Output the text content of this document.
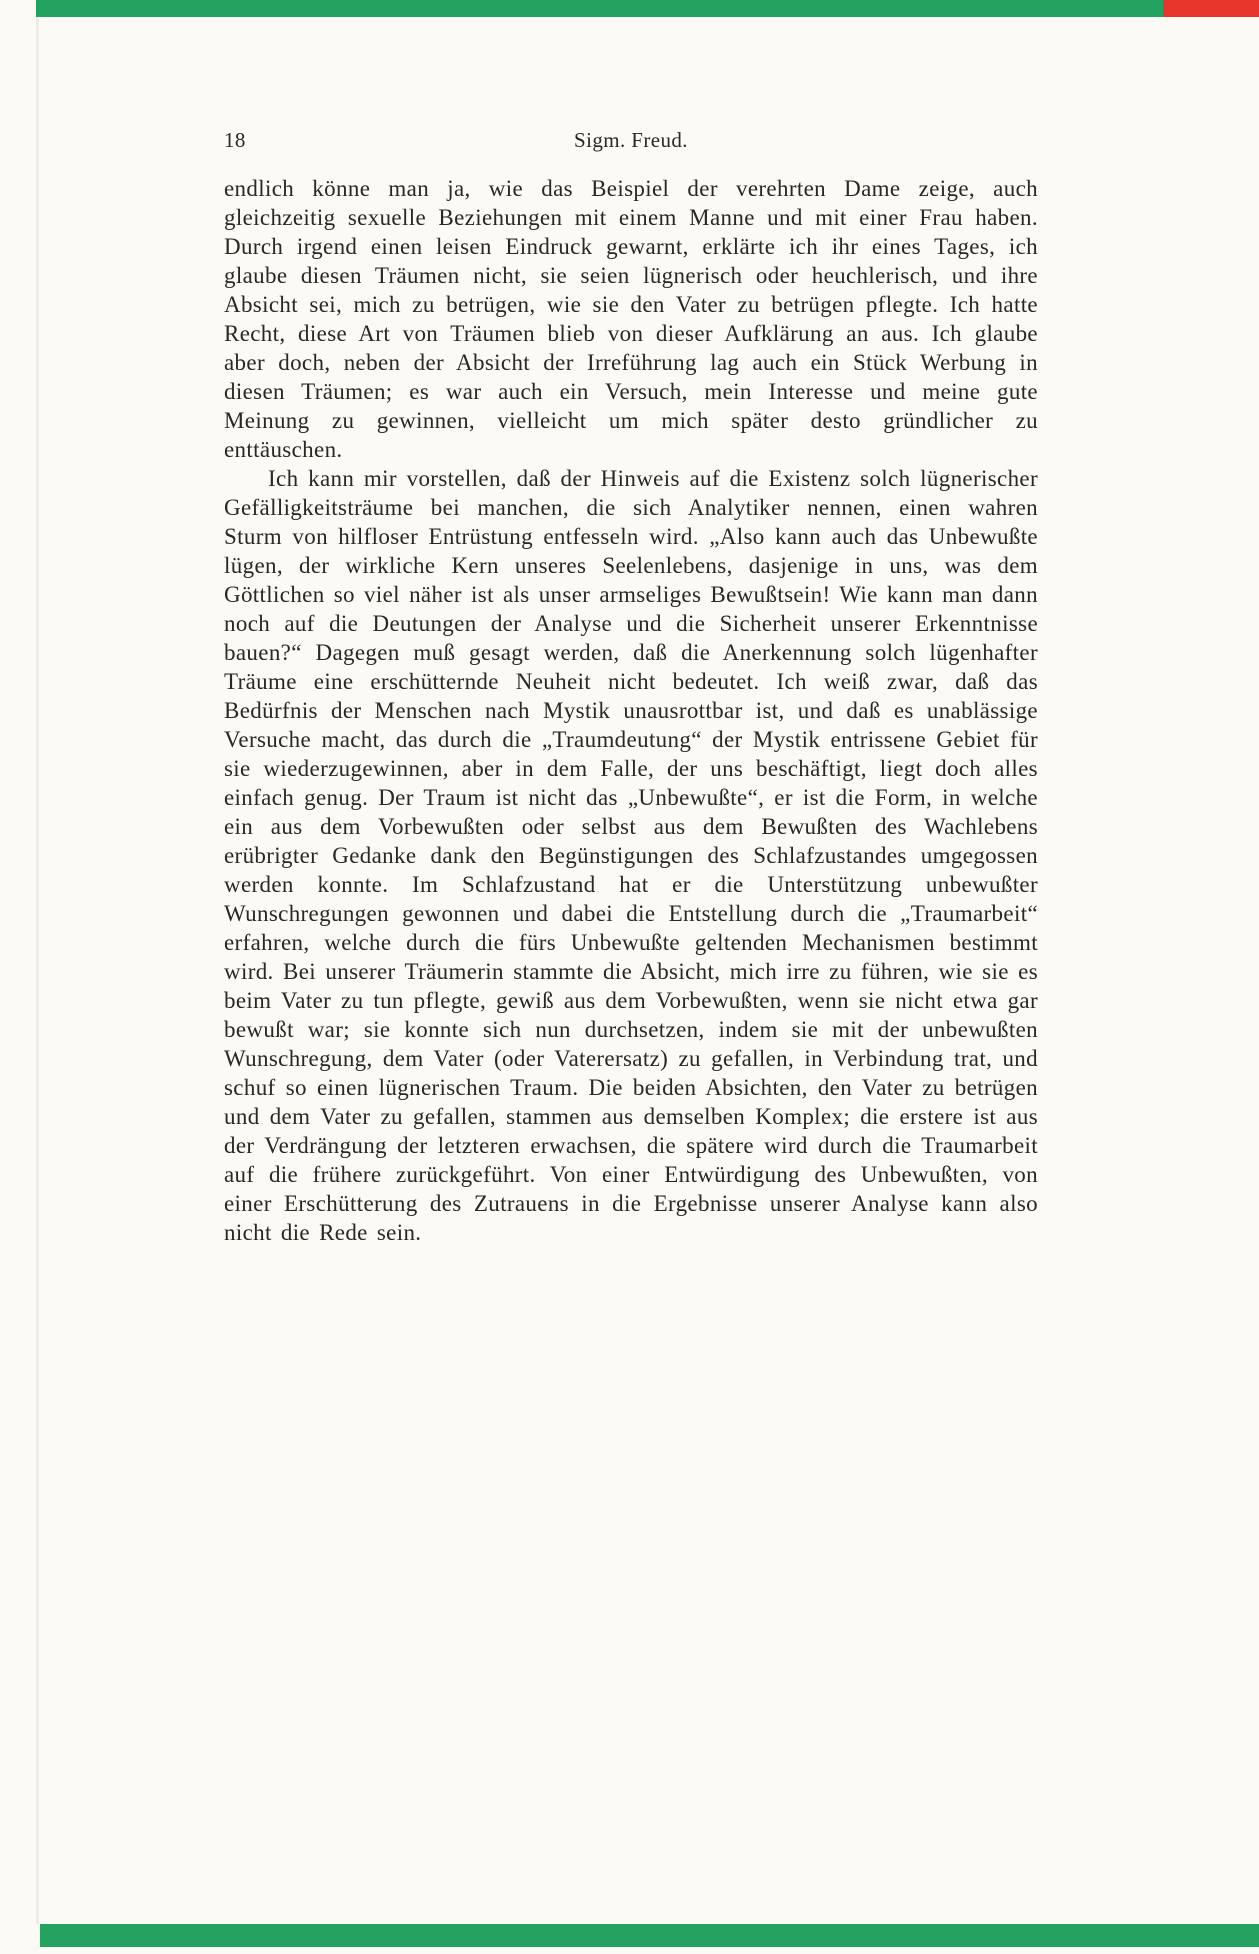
18	Sigm. Freud.

endlich könne man ja, wie das Beispiel der verehrten Dame zeige, auch gleichzeitig sexuelle Beziehungen mit einem Manne und mit einer Frau haben. Durch irgend einen leisen Eindruck gewarnt, erklärte ich ihr eines Tages, ich glaube diesen Träumen nicht, sie seien lügnerisch oder heuchlerisch, und ihre Absicht sei, mich zu betrügen, wie sie den Vater zu betrügen pflegte. Ich hatte Recht, diese Art von Träumen blieb von dieser Aufklärung an aus. Ich glaube aber doch, neben der Absicht der Irreführung lag auch ein Stück Werbung in diesen Träumen; es war auch ein Versuch, mein Interesse und meine gute Meinung zu gewinnen, vielleicht um mich später desto gründlicher zu enttäuschen.

Ich kann mir vorstellen, daß der Hinweis auf die Existenz solch lügnerischer Gefälligkeitsträume bei manchen, die sich Analytiker nennen, einen wahren Sturm von hilfloser Entrüstung entfesseln wird. „Also kann auch das Unbewußte lügen, der wirkliche Kern unseres Seelenlebens, dasjenige in uns, was dem Göttlichen so viel näher ist als unser armseliges Bewußtsein! Wie kann man dann noch auf die Deutungen der Analyse und die Sicherheit unserer Erkenntnisse bauen?“ Dagegen muß gesagt werden, daß die Anerkennung solch lügenhafter Träume eine erschütternde Neuheit nicht bedeutet. Ich weiß zwar, daß das Bedürfnis der Menschen nach Mystik unausrottbar ist, und daß es unablässige Versuche macht, das durch die „Traumdeutung“ der Mystik entrissene Gebiet für sie wiederzugewinnen, aber in dem Falle, der uns beschäftigt, liegt doch alles einfach genug. Der Traum ist nicht das „Unbewußte“, er ist die Form, in welche ein aus dem Vorbewußten oder selbst aus dem Bewußten des Wachlebens erübrigter Gedanke dank den Begünstigungen des Schlafzustandes umgegossen werden konnte. Im Schlafzustand hat er die Unterstützung unbewußter Wunschregungen gewonnen und dabei die Entstellung durch die „Traumarbeit“ erfahren, welche durch die fürs Unbewußte geltenden Mechanismen bestimmt wird. Bei unserer Träumerin stammte die Absicht, mich irre zu führen, wie sie es beim Vater zu tun pflegte, gewiß aus dem Vorbewußten, wenn sie nicht etwa gar bewußt war; sie konnte sich nun durchsetzen, indem sie mit der unbewußten Wunschregung, dem Vater (oder Vaterersatz) zu gefallen, in Verbindung trat, und schuf so einen lügnerischen Traum. Die beiden Absichten, den Vater zu betrügen und dem Vater zu gefallen, stammen aus demselben Komplex; die erstere ist aus der Verdrängung der letzteren erwachsen, die spätere wird durch die Traumarbeit auf die frühere zurückgeführt. Von einer Entwürdigung des Unbewußten, von einer Erschütterung des Zutrauens in die Ergebnisse unserer Analyse kann also nicht die Rede sein.
